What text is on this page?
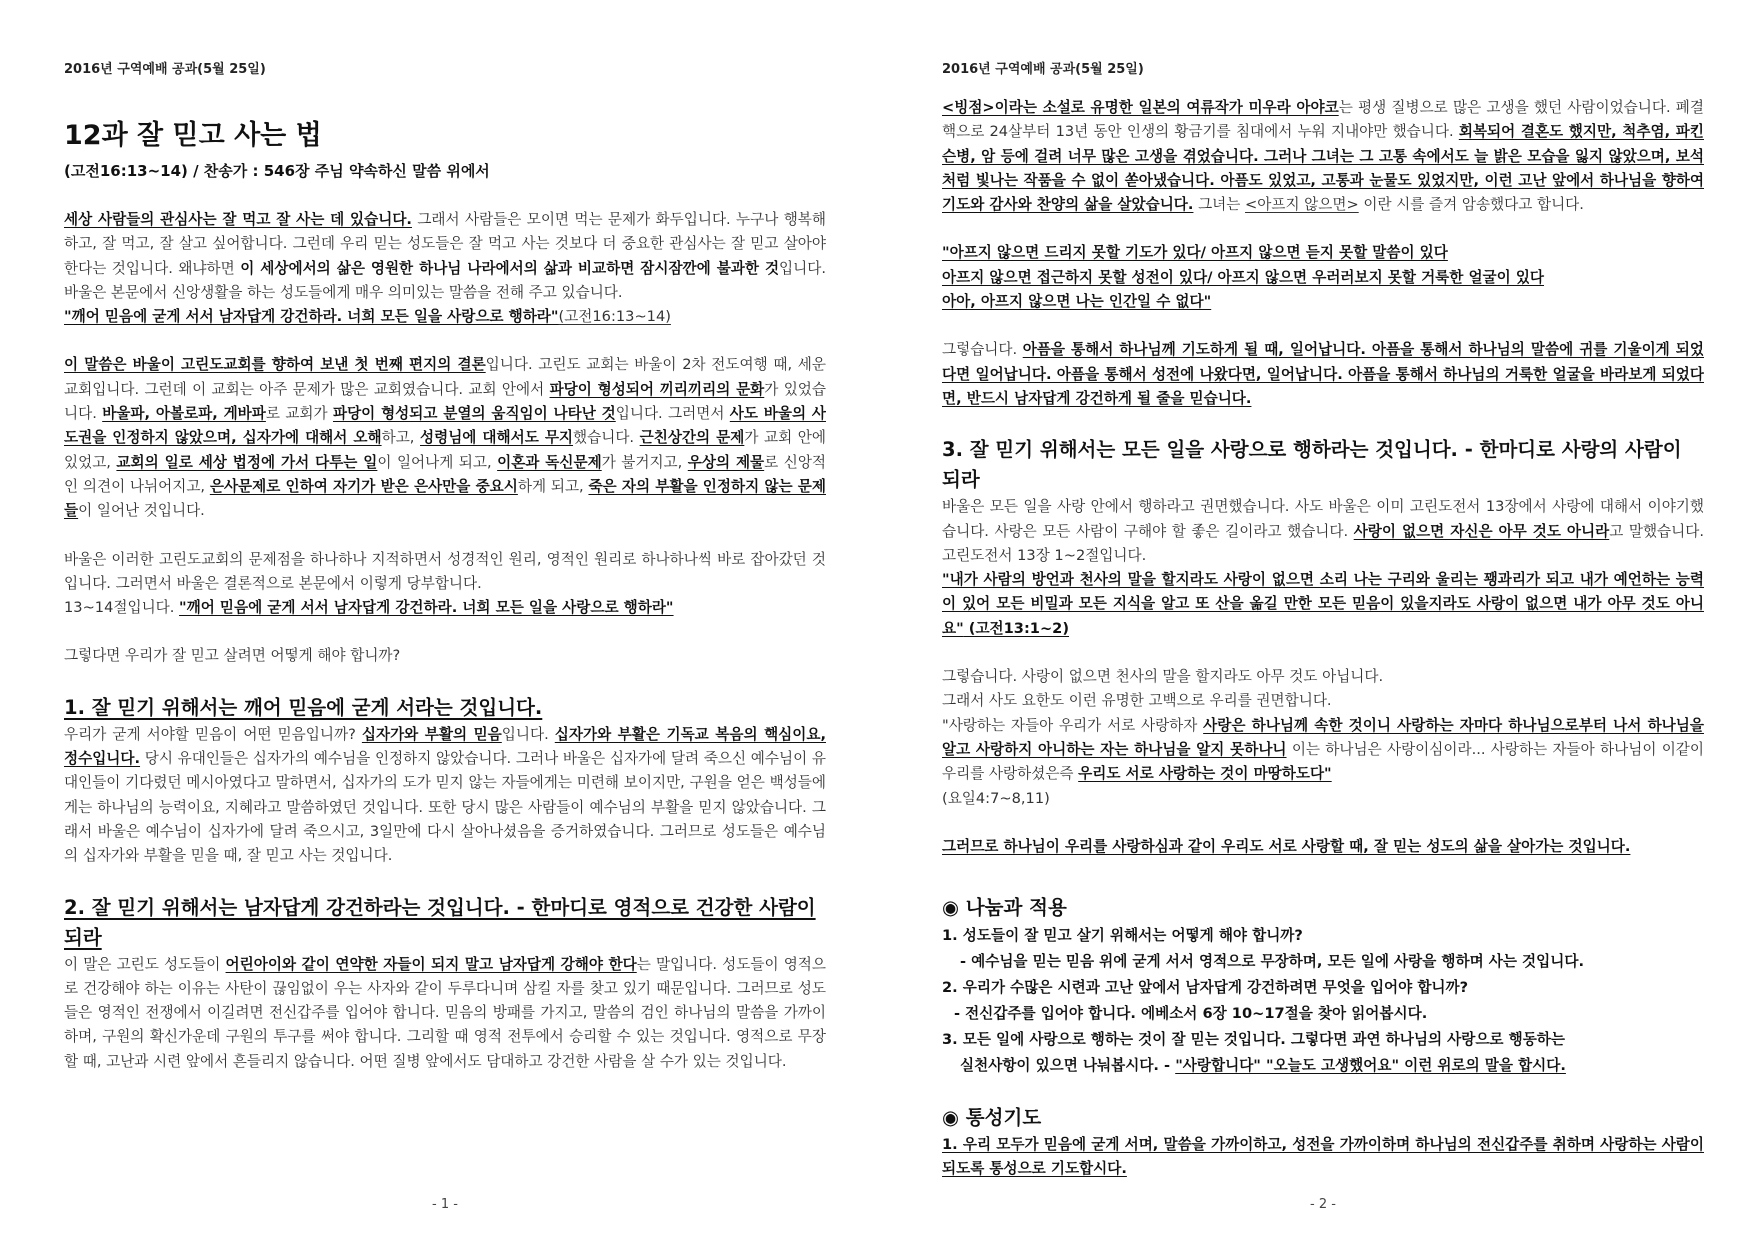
2016년 구역예배 공과(5월 25일)
12과 잘 믿고 사는 법
(고전16:13~14) / 찬송가 : 546장 주님 약속하신 말씀 위에서

세상 사람들의 관심사는 잘 먹고 잘 사는 데 있습니다. 그래서 사람들은 모이면 먹는 문제가 화두입니다. 누구나 행복해 하고, 잘 먹고, 잘 살고 싶어합니다. 그런데 우리 믿는 성도들은 잘 먹고 사는 것보다 더 중요한 관심사는 잘 믿고 살아야 한다는 것입니다. 왜냐하면 이 세상에서의 삶은 영원한 하나님 나라에서의 삶과 비교하면 잠시잠깐에 불과한 것입니다. 바울은 본문에서 신앙생활을 하는 성도들에게 매우 의미있는 말씀을 전해 주고 있습니다.

"깨어 믿음에 굳게 서서 남자답게 강건하라. 너희 모든 일을 사랑으로 행하라"(고전16:13~14)

이 말씀은 바울이 고린도교회를 향하여 보낸 첫 번째 편지의 결론입니다. 고린도 교회는 바울이 2차 전도여행 때, 세운 교회입니다. 그런데 이 교회는 아주 문제가 많은 교회였습니다. 교회 안에서 파당이 형성되어 끼리끼리의 문화가 있었습니다. 바울파, 아볼로파, 게바파로 교회가 파당이 형성되고 분열의 움직임이 나타난 것입니다. 그러면서 사도 바울의 사도권을 인정하지 않았으며, 십자가에 대해서 오해하고, 성령님에 대해서도 무지했습니다. 근친상간의 문제가 교회 안에 있었고, 교회의 일로 세상 법정에 가서 다투는 일이 일어나게 되고, 이혼과 독신문제가 불거지고, 우상의 제물로 신앙적인 의견이 나뉘어지고, 은사문제로 인하여 자기가 받은 은사만을 중요시하게 되고, 죽은 자의 부활을 인정하지 않는 문제들이 일어난 것입니다.

바울은 이러한 고린도교회의 문제점을 하나하나 지적하면서 성경적인 원리, 영적인 원리로 하나하나씩 바로 잡아갔던 것입니다. 그러면서 바울은 결론적으로 본문에서 이렇게 당부합니다.

13~14절입니다. "깨어 믿음에 굳게 서서 남자답게 강건하라. 너희 모든 일을 사랑으로 행하라"

그렇다면 우리가 잘 믿고 살려면 어떻게 해야 합니까?

1. 잘 믿기 위해서는 깨어 믿음에 굳게 서라는 것입니다.

우리가 굳게 서야할 믿음이 어떤 믿음입니까? 십자가와 부활의 믿음입니다. 십자가와 부활은 기독교 복음의 핵심이요, 정수입니다. 당시 유대인들은 십자가의 예수님을 인정하지 않았습니다. 그러나 바울은 십자가에 달려 죽으신 예수님이 유대인들이 기다렸던 메시아였다고 말하면서, 십자가의 도가 믿지 않는 자들에게는 미련해 보이지만, 구원을 얻은 백성들에게는 하나님의 능력이요, 지혜라고 말씀하였던 것입니다. 또한 당시 많은 사람들이 예수님의 부활을 믿지 않았습니다. 그래서 바울은 예수님이 십자가에 달려 죽으시고, 3일만에 다시 살아나셨음을 증거하였습니다. 그러므로 성도들은 예수님의 십자가와 부활을 믿을 때, 잘 믿고 사는 것입니다.

2. 잘 믿기 위해서는 남자답게 강건하라는 것입니다. - 한마디로 영적으로 건강한 사람이 되라

이 말은 고린도 성도들이 어린아이와 같이 연약한 자들이 되지 말고 남자답게 강해야 한다는 말입니다. 성도들이 영적으로 건강해야 하는 이유는 사탄이 끊임없이 우는 사자와 같이 두루다니며 삼킬 자를 찾고 있기 때문입니다. 그러므로 성도들은 영적인 전쟁에서 이길려면 전신갑주를 입어야 합니다. 믿음의 방패를 가지고, 말씀의 검인 하나님의 말씀을 가까이하며, 구원의 확신가운데 구원의 투구를 써야 합니다. 그리할 때 영적 전투에서 승리할 수 있는 것입니다. 영적으로 무장할 때, 고난과 시련 앞에서 흔들리지 않습니다. 어떤 질병 앞에서도 담대하고 강건한 사람을 살 수가 있는 것입니다.

- 1 -
2016년 구역예배 공과(5월 25일)

<빙점>이라는 소설로 유명한 일본의 여류작가 미우라 아야코는 평생 질병으로 많은 고생을 했던 사람이었습니다. 폐결핵으로 24살부터 13년 동안 인생의 황금기를 침대에서 누워 지내야만 했습니다. 회복되어 결혼도 했지만, 척추염, 파킨슨병, 암 등에 걸려 너무 많은 고생을 겪었습니다. 그러나 그녀는 그 고통 속에서도 늘 밝은 모습을 잃지 않았으며, 보석처럼 빛나는 작품을 수 없이 쏟아냈습니다. 아픔도 있었고, 고통과 눈물도 있었지만, 이런 고난 앞에서 하나님을 향하여 기도와 감사와 찬양의 삶을 살았습니다. 그녀는 <아프지 않으면> 이란 시를 즐겨 암송했다고 합니다.

"아프지 않으면 드리지 못할 기도가 있다/ 아프지 않으면 듣지 못할 말씀이 있다

아프지 않으면 접근하지 못할 성전이 있다/ 아프지 않으면 우러러보지 못할 거룩한 얼굴이 있다

아아, 아프지 않으면 나는 인간일 수 없다"

그렇습니다. 아픔을 통해서 하나님께 기도하게 될 때, 일어납니다. 아픔을 통해서 하나님의 말씀에 귀를 기울이게 되었다면 일어납니다. 아픔을 통해서 성전에 나왔다면, 일어납니다. 아픔을 통해서 하나님의 거룩한 얼굴을 바라보게 되었다면, 반드시 남자답게 강건하게 될 줄을 믿습니다.

3. 잘 믿기 위해서는 모든 일을 사랑으로 행하라는 것입니다. - 한마디로 사랑의 사람이 되라

바울은 모든 일을 사랑 안에서 행하라고 권면했습니다. 사도 바울은 이미 고린도전서 13장에서 사랑에 대해서 이야기했습니다. 사랑은 모든 사람이 구해야 할 좋은 길이라고 했습니다. 사랑이 없으면 자신은 아무 것도 아니라고 말했습니다. 고린도전서 13장 1~2절입니다.

"내가 사람의 방언과 천사의 말을 할지라도 사랑이 없으면 소리 나는 구리와 울리는 꽹과리가 되고 내가 예언하는 능력이 있어 모든 비밀과 모든 지식을 알고 또 산을 옮길 만한 모든 믿음이 있을지라도 사랑이 없으면 내가 아무 것도 아니요" (고전13:1~2)

그렇습니다. 사랑이 없으면 천사의 말을 할지라도 아무 것도 아닙니다.

그래서 사도 요한도 이런 유명한 고백으로 우리를 권면합니다.

"사랑하는 자들아 우리가 서로 사랑하자 사랑은 하나님께 속한 것이니 사랑하는 자마다 하나님으로부터 나서 하나님을 알고 사랑하지 아니하는 자는 하나님을 알지 못하나니 이는 하나님은 사랑이심이라... 사랑하는 자들아 하나님이 이같이 우리를 사랑하셨은즉 우리도 서로 사랑하는 것이 마땅하도다"

(요일4:7~8,11)

그러므로 하나님이 우리를 사랑하심과 같이 우리도 서로 사랑할 때, 잘 믿는 성도의 삶을 살아가는 것입니다.

◉ 나눔과 적용
1. 성도들이 잘 믿고 살기 위해서는 어떻게 해야 합니까?
- 예수님을 믿는 믿음 위에 굳게 서서 영적으로 무장하며, 모든 일에 사랑을 행하며 사는 것입니다.
2. 우리가 수많은 시련과 고난 앞에서 남자답게 강건하려면 무엇을 입어야 합니까?
- 전신갑주를 입어야 합니다. 에베소서 6장 10~17절을 찾아 읽어봅시다.
3. 모든 일에 사랑으로 행하는 것이 잘 믿는 것입니다. 그렇다면 과연 하나님의 사랑으로 행동하는
실천사항이 있으면 나눠봅시다. - "사랑합니다" "오늘도 고생했어요" 이런 위로의 말을 합시다.
◉ 통성기도

1. 우리 모두가 믿음에 굳게 서며, 말씀을 가까이하고, 성전을 가까이하며 하나님의 전신갑주를 취하며 사랑하는 사람이 되도록 통성으로 기도합시다.

- 2 -
